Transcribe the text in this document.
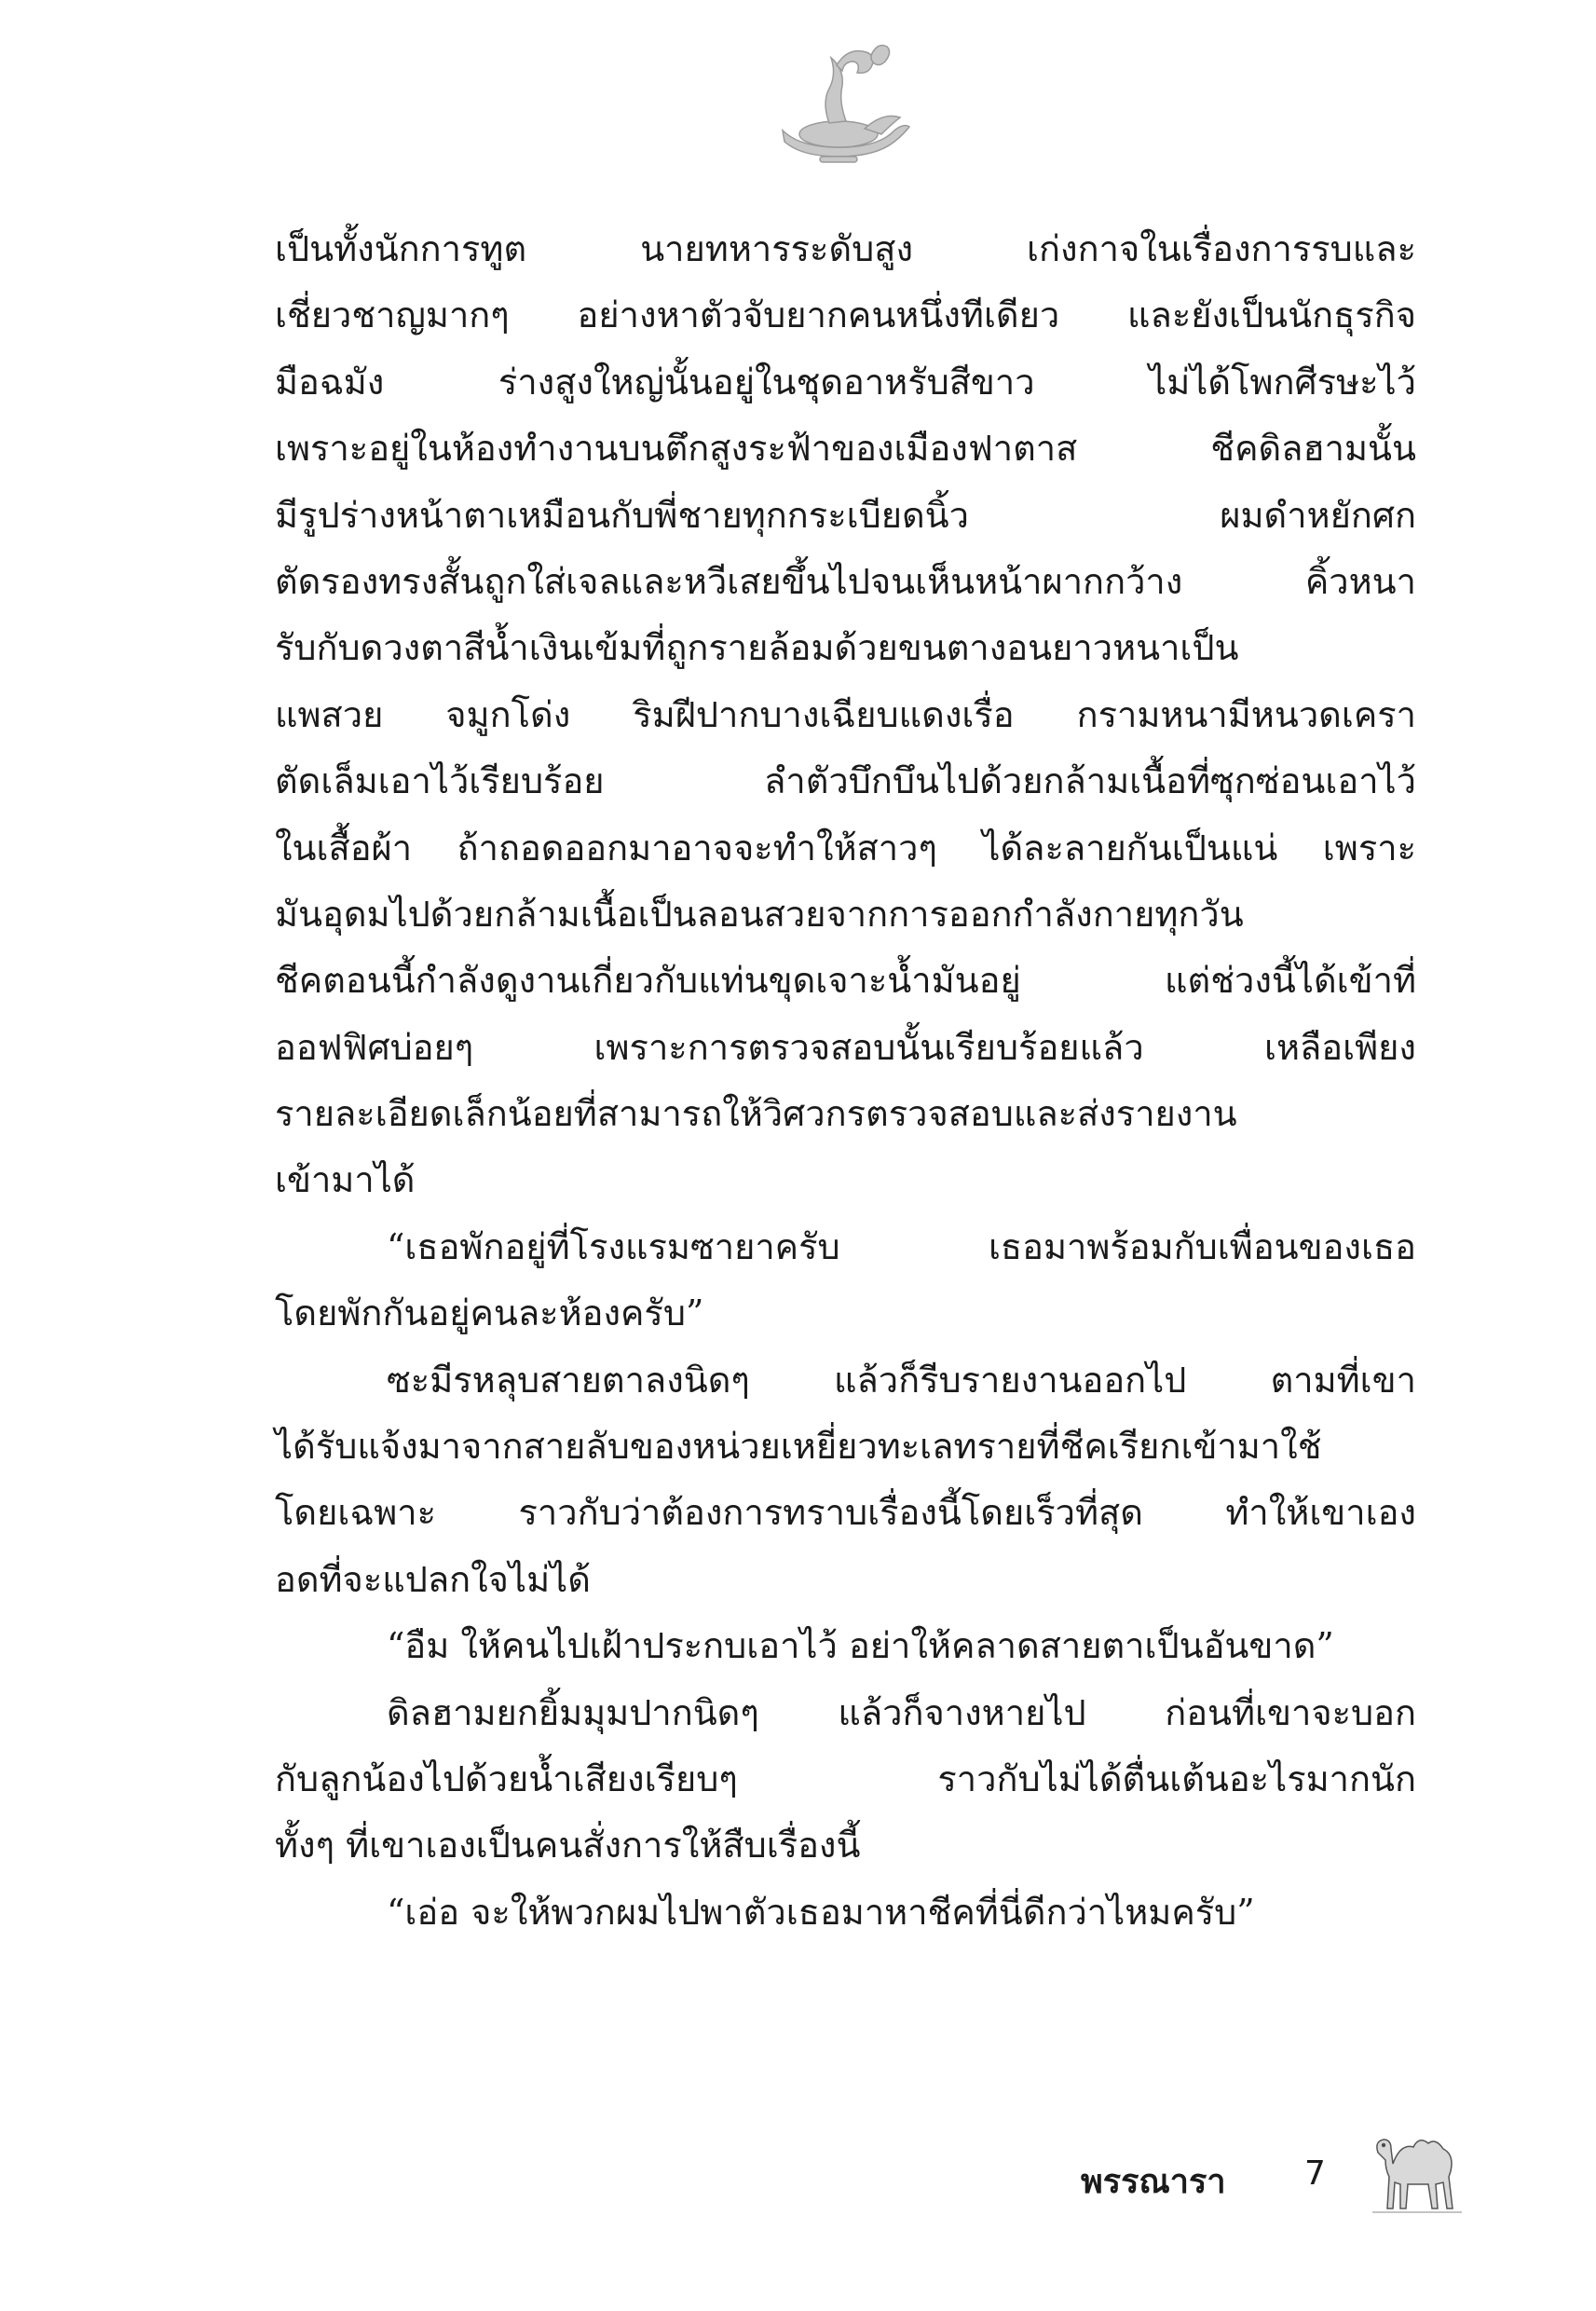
เป็นทั้งนักการทูต นายทหารระดับสูง เก่งกาจในเรื่องการรบและ
เชี่ยวชาญมากๆ อย่างหาตัวจับยากคนหนึ่งทีเดียว และยังเป็นนักธุรกิจ
มือฉมัง ร่างสูงใหญ่นั้นอยู่ในชุดอาหรับสีขาว ไม่ได้โพกศีรษะไว้
เพราะอยู่ในห้องทำงานบนตึกสูงระฟ้าของเมืองฟาตาส ชีคดิลฮามนั้น
มีรูปร่างหน้าตาเหมือนกับพี่ชายทุกกระเบียดนิ้ว ผมดำหยักศก
ตัดรองทรงสั้นถูกใส่เจลและหวีเสยขึ้นไปจนเห็นหน้าผากกว้าง คิ้วหนา
รับกับดวงตาสีน้ำเงินเข้มที่ถูกรายล้อมด้วยขนตางอนยาวหนาเป็น
แพสวย จมูกโด่ง ริมฝีปากบางเฉียบแดงเรื่อ กรามหนามีหนวดเครา
ตัดเล็มเอาไว้เรียบร้อย ลำตัวบึกบึนไปด้วยกล้ามเนื้อที่ซุกซ่อนเอาไว้
ในเสื้อผ้า ถ้าถอดออกมาอาจจะทำให้สาวๆ ได้ละลายกันเป็นแน่ เพราะ
มันอุดมไปด้วยกล้ามเนื้อเป็นลอนสวยจากการออกกำลังกายทุกวัน
ชีคตอนนี้กำลังดูงานเกี่ยวกับแท่นขุดเจาะน้ำมันอยู่ แต่ช่วงนี้ได้เข้าที่
ออฟฟิศบ่อยๆ เพราะการตรวจสอบนั้นเรียบร้อยแล้ว เหลือเพียง
รายละเอียดเล็กน้อยที่สามารถให้วิศวกรตรวจสอบและส่งรายงาน
เข้ามาได้
“เธอพักอยู่ที่โรงแรมซายาครับ เธอมาพร้อมกับเพื่อนของเธอ
โดยพักกันอยู่คนละห้องครับ”
ซะมีรหลุบสายตาลงนิดๆ แล้วก็รีบรายงานออกไป ตามที่เขา
ได้รับแจ้งมาจากสายลับของหน่วยเหยี่ยวทะเลทรายที่ชีคเรียกเข้ามาใช้
โดยเฉพาะ ราวกับว่าต้องการทราบเรื่องนี้โดยเร็วที่สุด ทำให้เขาเอง
อดที่จะแปลกใจไม่ได้
“อืม ให้คนไปเฝ้าประกบเอาไว้ อย่าให้คลาดสายตาเป็นอันขาด”
ดิลฮามยกยิ้มมุมปากนิดๆ แล้วก็จางหายไป ก่อนที่เขาจะบอก
กับลูกน้องไปด้วยน้ำเสียงเรียบๆ ราวกับไม่ได้ตื่นเต้นอะไรมากนัก
ทั้งๆ ที่เขาเองเป็นคนสั่งการให้สืบเรื่องนี้
“เอ่อ จะให้พวกผมไปพาตัวเธอมาหาชีคที่นี่ดีกว่าไหมครับ”
พรรณารา 7
